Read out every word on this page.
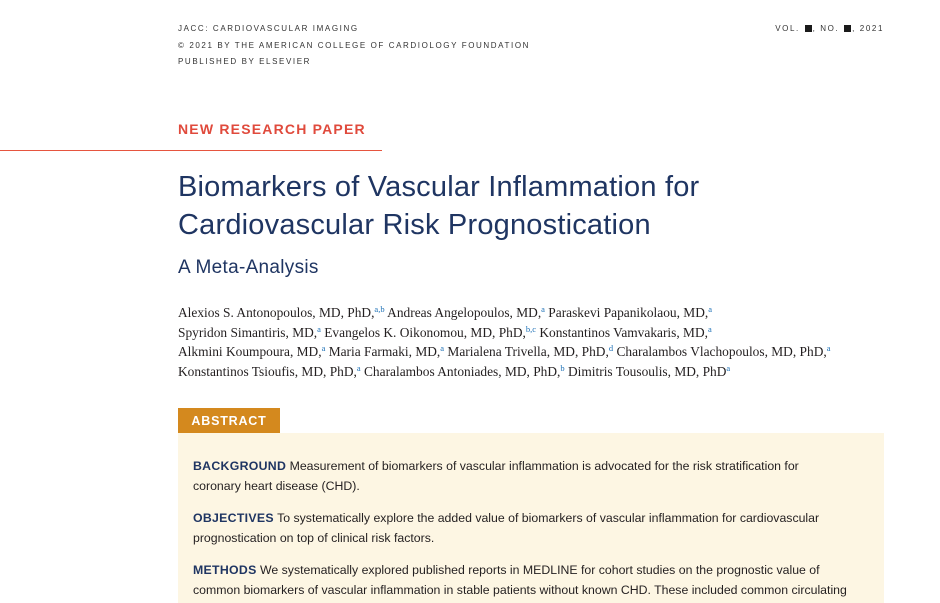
JACC: CARDIOVASCULAR IMAGING
© 2021 BY THE AMERICAN COLLEGE OF CARDIOLOGY FOUNDATION
PUBLISHED BY ELSEVIER
VOL. , NO. , 2021
NEW RESEARCH PAPER
Biomarkers of Vascular Inflammation for
Cardiovascular Risk Prognostication
A Meta-Analysis
Alexios S. Antonopoulos, MD, PhD,$^{a,b}$ Andreas Angelopoulos, MD,$^a$ Paraskevi Papanikolaou, MD,$^a$
Spyridon Simantiris, MD,$^a$ Evangelos K. Oikonomou, MD, PhD,$^{b,c}$ Konstantinos Vamvakaris, MD,$^a$
Alkmini Koumpoura, MD,$^a$ Maria Farmaki, MD,$^a$ Marialena Trivella, MD, PhD,$^d$ Charalambos Vlachopoulos, MD, PhD,$^a$
Konstantinos Tsioufis, MD, PhD,$^a$ Charalambos Antoniades, MD, PhD,$^b$ Dimitris Tousoulis, MD, PhD$^a$
ABSTRACT
BACKGROUND Measurement of biomarkers of vascular inflammation is advocated for the risk stratification for
coronary heart disease (CHD).
OBJECTIVES To systematically explore the added value of biomarkers of vascular inflammation for cardiovascular
prognostication on top of clinical risk factors.
METHODS We systematically explored published reports in MEDLINE for cohort studies on the prognostic value of
common biomarkers of vascular inflammation in stable patients without known CHD. These included common circulating
